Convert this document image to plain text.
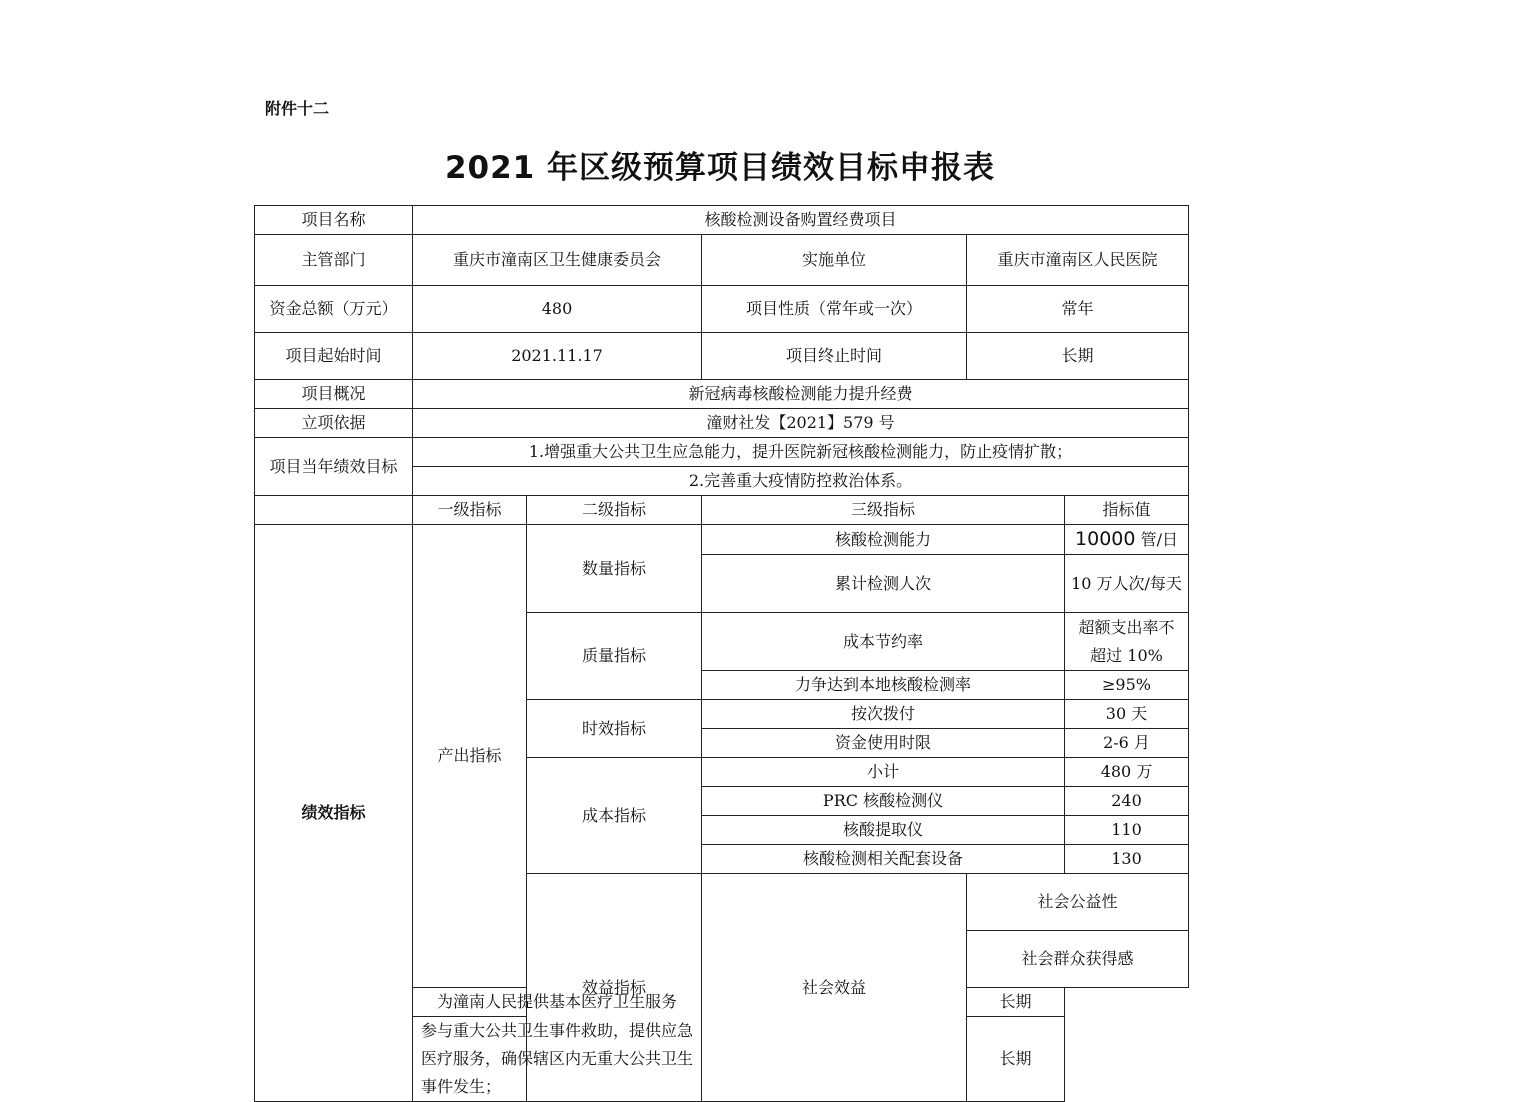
附件十二
2021 年区级预算项目绩效目标申报表
项目名称	核酸检测设备购置经费项目					
主管部门	重庆市潼南区卫生健康委员会		实施单位	重庆市潼南区人民医院		
资金总额（万元）	480		项目性质（常年或一次）	常年		
项目起始时间	2021.11.17		项目终止时间	长期		
项目概况	新冠病毒核酸检测能力提升经费					
立项依据	潼财社发【2021】579 号					
项目当年绩效目标	1.增强重大公共卫生应急能力，提升医院新冠核酸检测能力，防止疫情扩散；					
	2.完善重大疫情防控救治体系。					
	一级指标	二级指标	三级指标		指标值	
绩效指标	产出指标	数量指标	核酸检测能力		10000 管/日	
			累计检测人次		10 万人次/每天	
		质量指标	成本节约率		超额支出率不超过 10%	
			力争达到本地核酸检测率		≥95%	
		时效指标	按次拨付		30 天	
			资金使用时限		2-6 月	
		成本指标	小计		480 万	
			PRC 核酸检测仪		240	
			核酸提取仪		110	
			核酸检测相关配套设备		130	
		效益指标	社会效益	社会公益性	
				社会群众获得感	
	为潼南人民提供基本医疗卫生服务			长期		
	参与重大公共卫生事件救助，提供应急医疗服务，确保辖区内无重大公共卫生事件发生；			长期		
